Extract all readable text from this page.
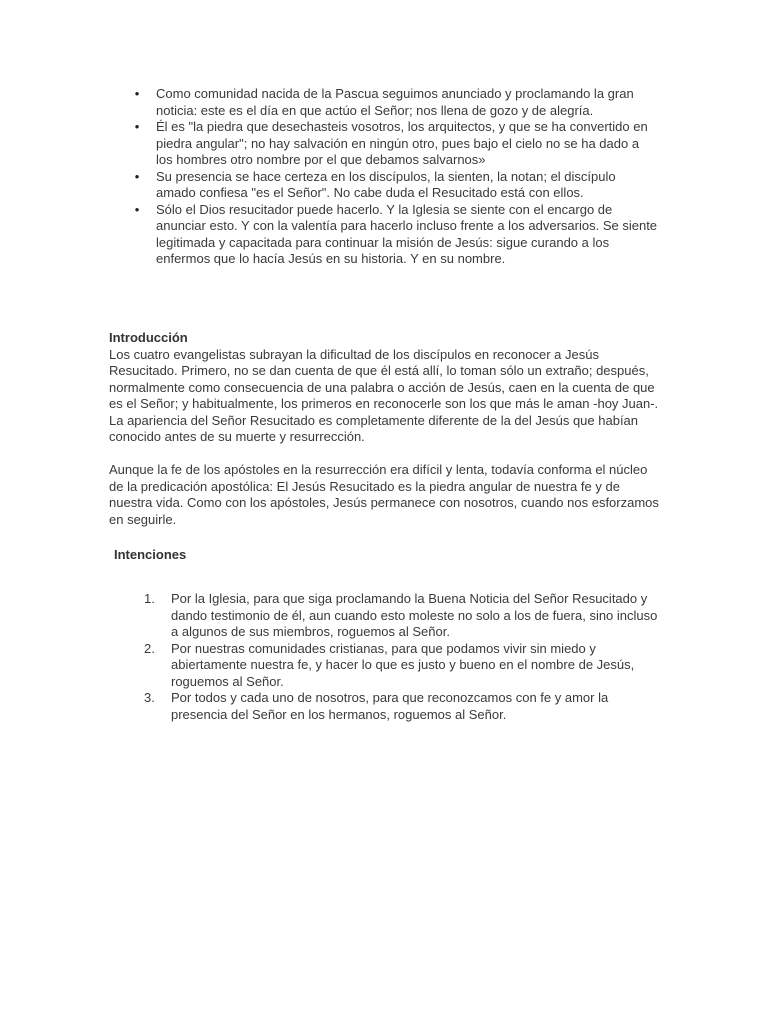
•	Como comunidad nacida de la Pascua seguimos anunciado y proclamando la gran noticia: este es el día en que actúo el Señor; nos llena de gozo y de alegría.
•	Él es "la piedra que desechasteis vosotros, los arquitectos, y que se ha convertido en piedra angular"; no hay salvación en ningún otro, pues bajo el cielo no se ha dado a los hombres otro nombre por el que debamos salvarnos»
•	Su presencia se hace certeza en los discípulos, la sienten, la notan; el discípulo amado confiesa "es el Señor". No cabe duda el Resucitado está con ellos.
•	Sólo el Dios resucitador puede hacerlo. Y la Iglesia se siente con el encargo de anunciar esto. Y con la valentía para hacerlo incluso frente a los adversarios. Se siente legitimada y capacitada para continuar la misión de Jesús: sigue curando a los enfermos que lo hacía Jesús en su historia. Y en su nombre.
Introducción

Los cuatro evangelistas subrayan la dificultad de los discípulos en reconocer a Jesús Resucitado. Primero, no se dan cuenta de que él está allí, lo toman sólo un extraño; después, normalmente como consecuencia de una palabra o acción de Jesús, caen en la cuenta de que es el Señor; y habitualmente, los primeros en reconocerle son los que más le aman -hoy Juan-. La apariencia del Señor Resucitado es completamente diferente de la del Jesús que habían conocido antes de su muerte y resurrección.

Aunque la fe de los apóstoles en la resurrección era difícil y lenta, todavía conforma el núcleo de la predicación apostólica: El Jesús Resucitado es la piedra angular de nuestra fe y de nuestra vida. Como con los apóstoles, Jesús permanece con nosotros, cuando nos esforzamos en seguirle.

Intenciones
1.	Por la Iglesia, para que siga proclamando la Buena Noticia del Señor Resucitado y dando testimonio de él, aun cuando esto moleste no solo a los de fuera, sino incluso a algunos de sus miembros, roguemos al Señor.
2.	Por nuestras comunidades cristianas, para que podamos vivir sin miedo y abiertamente nuestra fe, y hacer lo que es justo y bueno en el nombre de Jesús, roguemos al Señor.
3.	Por todos y cada uno de nosotros, para que reconozcamos con fe y amor la presencia del Señor en los hermanos, roguemos al Señor.
